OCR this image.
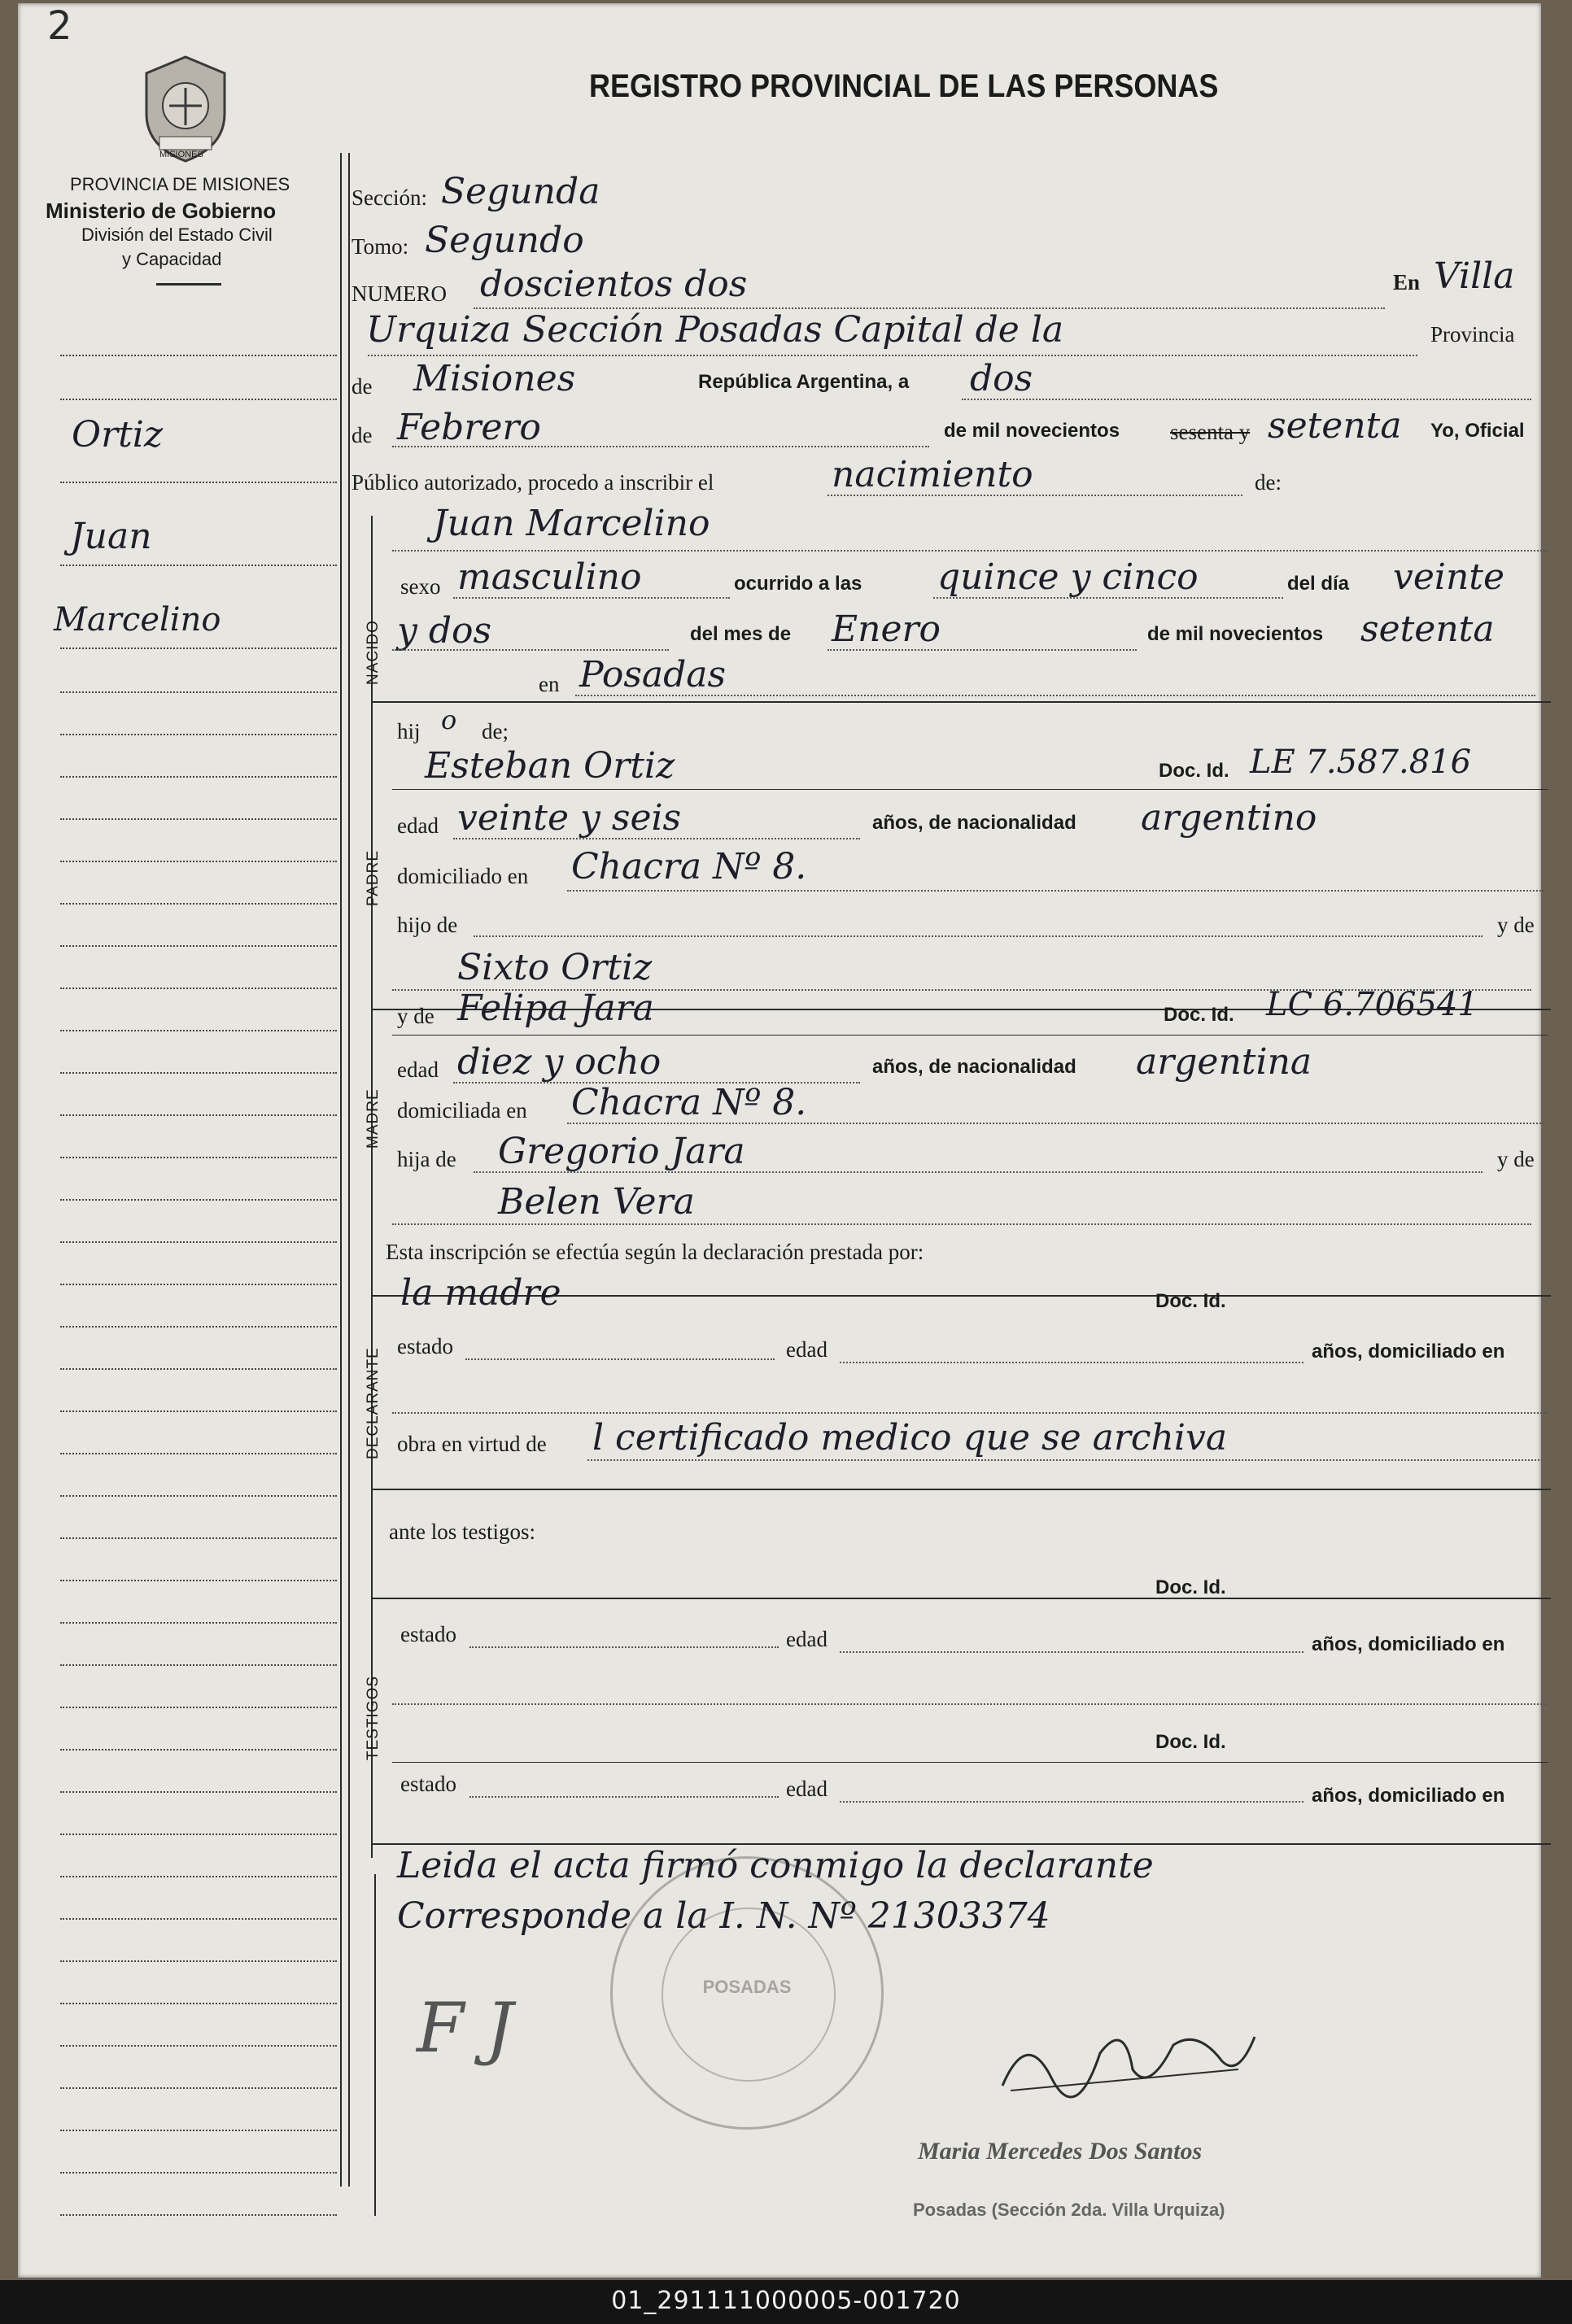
2
MISIONES
REGISTRO PROVINCIAL DE LAS PERSONAS
PROVINCIA DE MISIONES
Ministerio de Gobierno
División del Estado Civil
y Capacidad
Ortiz
Juan
Marcelino
NACIDO
PADRE
MADRE
DECLARANTE
TESTIGOS
Sección: Segunda
Tomo: Segundo
NUMERO doscientos dos	En Villa
Urquiza Sección Posadas Capital de la	Provincia
de Misiones	República Argentina, a dos
de Febrero	de mil novecientos sesenta y setenta Yo, Oficial
Público autorizado, procedo a inscribir el	nacimiento	de:
Juan Marcelino
sexo masculino	ocurrido a las quince y cinco	del día veinte
y dos	del mes de Enero	de mil novecientos setenta
en Posadas
hij o de;
Esteban Ortiz	Doc. Id. LE 7.587.816
edad veinte y seis	años, de nacionalidad argentino
domiciliado en Chacra Nº 8.
hijo de	y de
Sixto Ortiz
y de Felipa Jara	Doc. Id. LC 6.706541
edad diez y ocho	años, de nacionalidad argentina
domiciliada en Chacra Nº 8.
hija de Gregorio Jara	y de
Belen Vera
Esta inscripción se efectúa según la declaración prestada por:
la madre	Doc. Id.
estado	edad	años, domiciliado en
obra en virtud de l certificado medico que se archiva
ante los testigos:
Doc. Id.
estado	edad	años, domiciliado en
Doc. Id.
estado	edad	años, domiciliado en
POSADAS
Leida el acta firmó conmigo la declarante
Corresponde a la I. N. Nº 21303374
F J
Maria Mercedes Dos Santos
Posadas (Sección 2da. Villa Urquiza)
01_291111000005-001720
